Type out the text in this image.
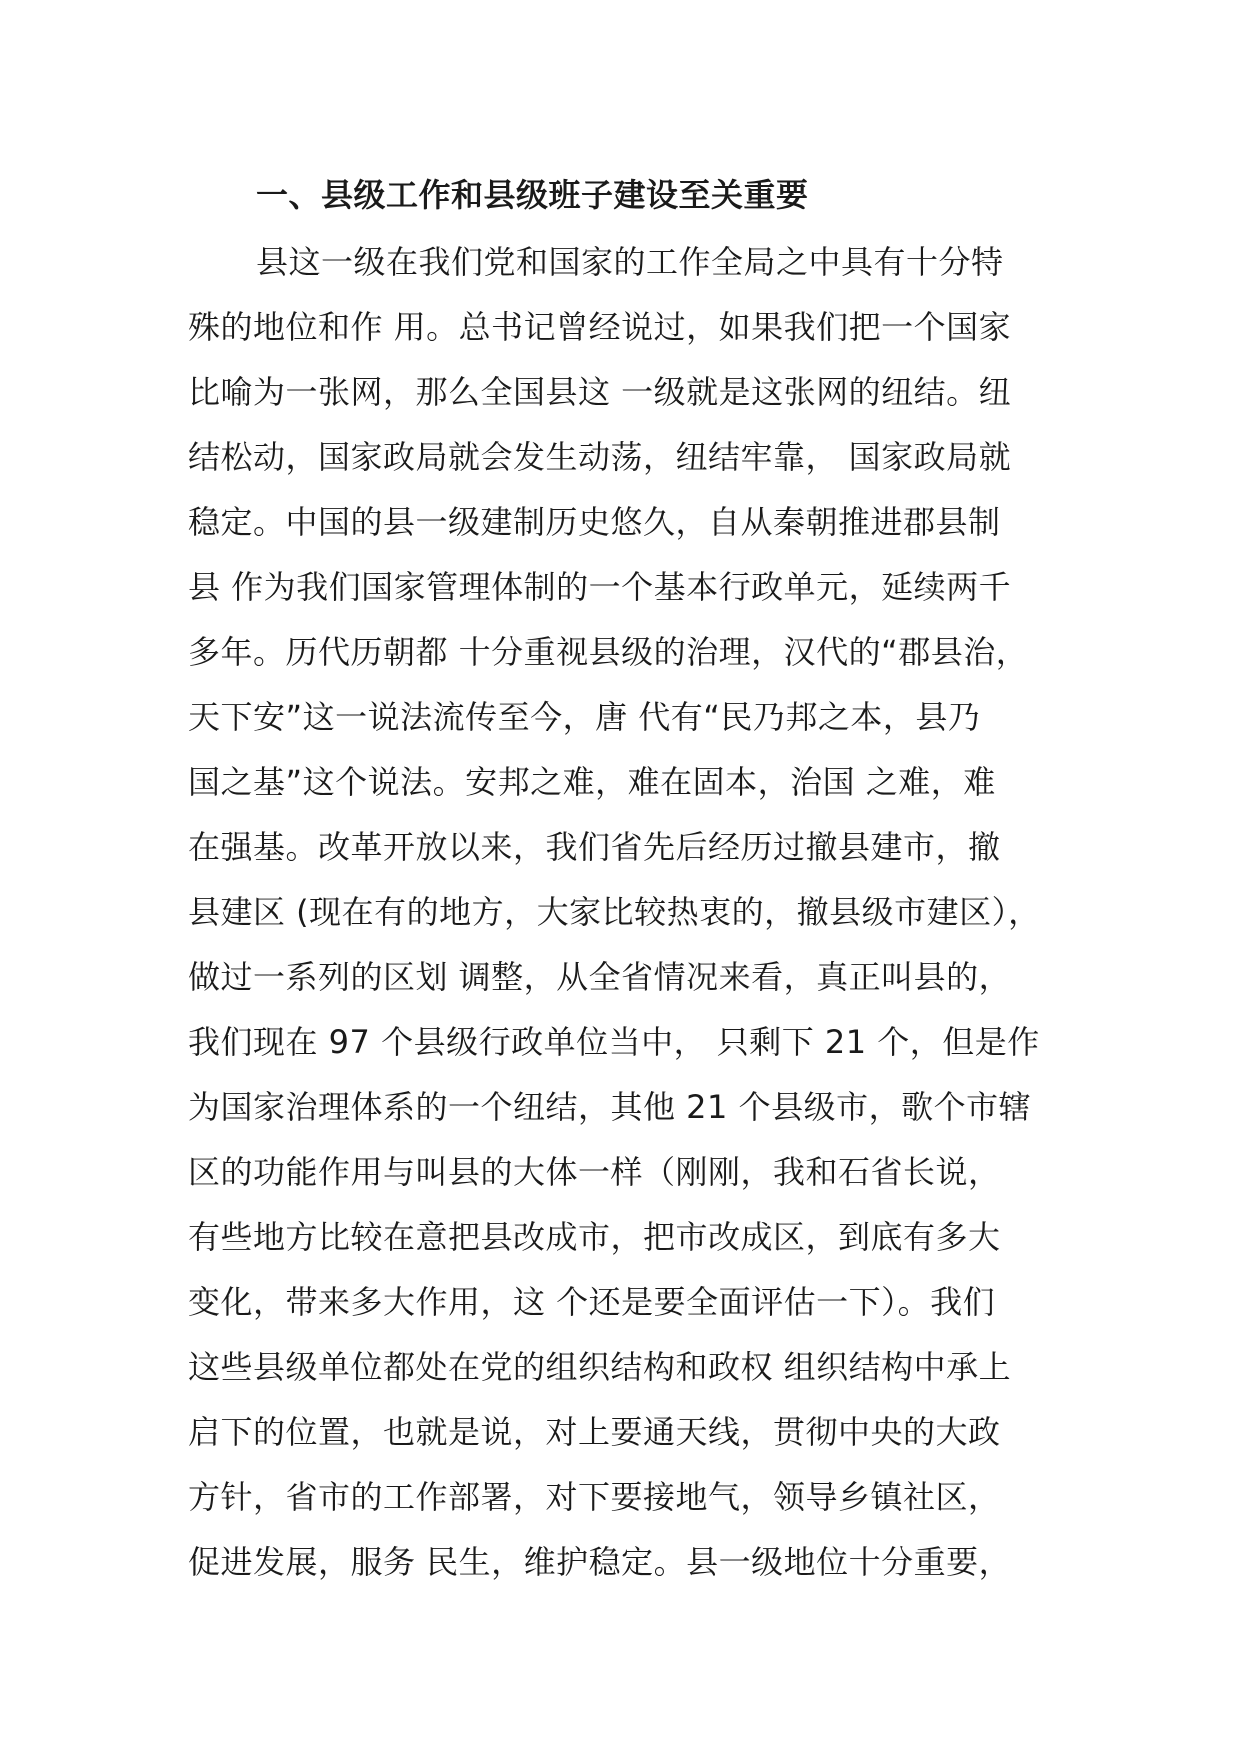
一、县级工作和县级班子建设至关重要
县这一级在我们党和国家的工作全局之中具有十分特
殊的地位和作 用。总书记曾经说过，如果我们把一个国家
比喻为一张网，那么全国县这 一级就是这张网的纽结。纽
结松动，国家政局就会发生动荡，纽结牢靠， 国家政局就
稳定。中国的县一级建制历史悠久，自从秦朝推进郡县制
县 作为我们国家管理体制的一个基本行政单元，延续两千
多年。历代历朝都 十分重视县级的治理，汉代的“郡县治，
天下安”这一说法流传至今，唐 代有“民乃邦之本，县乃
国之基”这个说法。安邦之难，难在固本，治国 之难，难
在强基。改革开放以来，我们省先后经历过撤县建市，撤
县建区 (现在有的地方，大家比较热衷的，撤县级市建区），
做过一系列的区划 调整，从全省情况来看，真正叫县的，
我们现在 97 个县级行政单位当中， 只剩下 21 个，但是作
为国家治理体系的一个纽结，其他 21 个县级市，歌个市辖
区的功能作用与叫县的大体一样（刚刚，我和石省长说，
有些地方比较在意把县改成市，把市改成区，到底有多大
变化，带来多大作用，这 个还是要全面评估一下）。我们
这些县级单位都处在党的组织结构和政权 组织结构中承上
启下的位置，也就是说，对上要通天线，贯彻中央的大政
方针，省市的工作部署，对下要接地气，领导乡镇社区，
促进发展，服务 民生，维护稳定。县一级地位十分重要，
